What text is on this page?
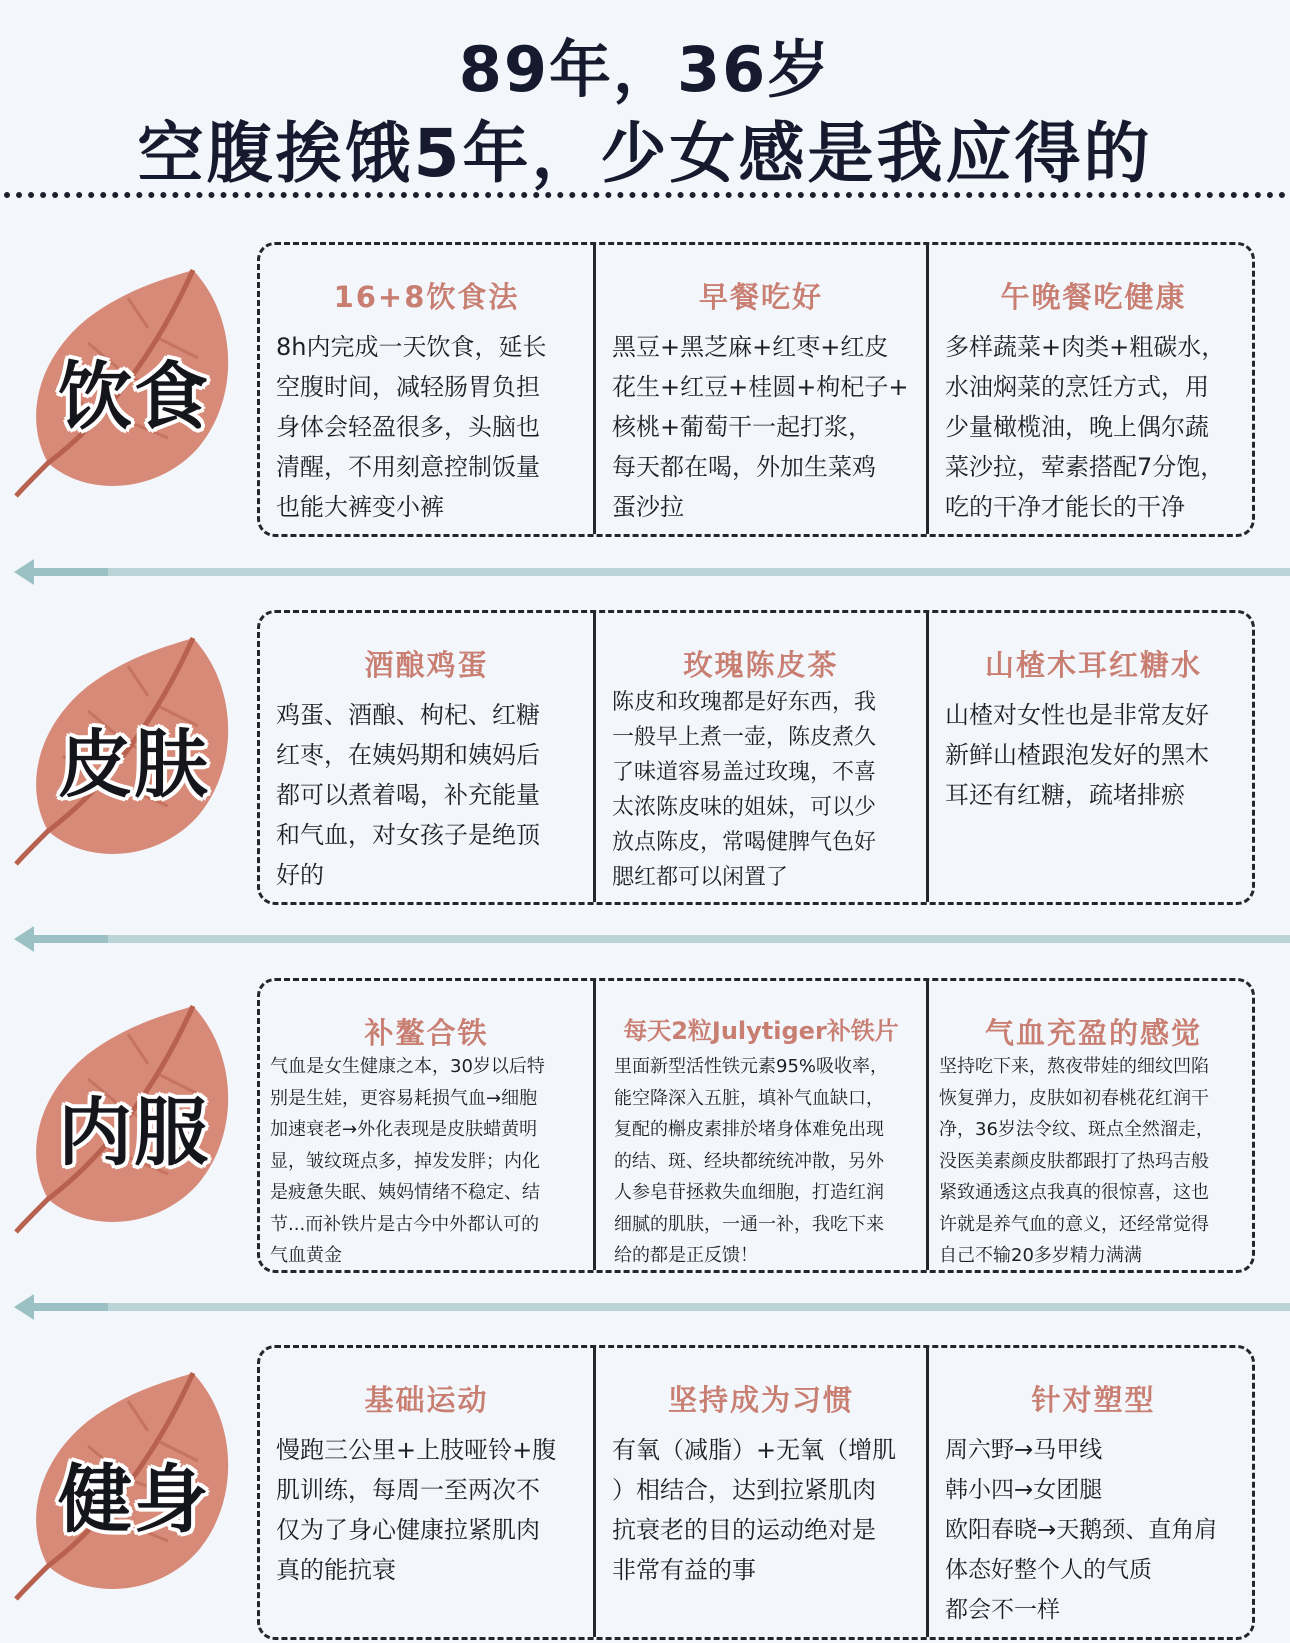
89年，36岁
空腹挨饿5年，少女感是我应得的
饮食
16+8饮食法
8h内完成一天饮食，延长
空腹时间，减轻肠胃负担
身体会轻盈很多，头脑也
清醒，不用刻意控制饭量
也能大裤变小裤
早餐吃好
黑豆+黑芝麻+红枣+红皮
花生+红豆+桂圆+枸杞子+
核桃+葡萄干一起打浆，
每天都在喝，外加生菜鸡
蛋沙拉
午晚餐吃健康
多样蔬菜+肉类+粗碳水，
水油焖菜的烹饪方式，用
少量橄榄油，晚上偶尔蔬
菜沙拉，荤素搭配7分饱，
吃的干净才能长的干净
皮肤
酒酿鸡蛋
鸡蛋、酒酿、枸杞、红糖
红枣，在姨妈期和姨妈后
都可以煮着喝，补充能量
和气血，对女孩子是绝顶
好的
玫瑰陈皮茶
陈皮和玫瑰都是好东西，我
一般早上煮一壶，陈皮煮久
了味道容易盖过玫瑰，不喜
太浓陈皮味的姐妹，可以少
放点陈皮，常喝健脾气色好
腮红都可以闲置了
山楂木耳红糖水
山楂对女性也是非常友好
新鲜山楂跟泡发好的黑木
耳还有红糖，疏堵排瘀
内服
补鳌合铁
气血是女生健康之本，30岁以后特
别是生娃，更容易耗损气血→细胞
加速衰老→外化表现是皮肤蜡黄明
显，皱纹斑点多，掉发发胖；内化
是疲惫失眠、姨妈情绪不稳定、结
节...而补铁片是古今中外都认可的
气血黄金
每天2粒Julytiger补铁片
里面新型活性铁元素95%吸收率，
能空降深入五脏，填补气血缺口，
复配的槲皮素排於堵身体难免出现
的结、斑、经块都统统冲散，另外
人参皂苷拯救失血细胞，打造红润
细腻的肌肤，一通一补，我吃下来
给的都是正反馈！
气血充盈的感觉
坚持吃下来，熬夜带娃的细纹凹陷
恢复弹力，皮肤如初春桃花红润干
净，36岁法令纹、斑点全然溜走，
没医美素颜皮肤都跟打了热玛吉般
紧致通透这点我真的很惊喜，这也
许就是养气血的意义，还经常觉得
自己不输20多岁精力满满
健身
基础运动
慢跑三公里+上肢哑铃+腹
肌训练，每周一至两次不
仅为了身心健康拉紧肌肉
真的能抗衰
坚持成为习惯
有氧（减脂）+无氧（增肌
）相结合，达到拉紧肌肉
抗衰老的目的运动绝对是
非常有益的事
针对塑型
周六野→马甲线
韩小四→女团腿
欧阳春晓→天鹅颈、直角肩
体态好整个人的气质
都会不一样
